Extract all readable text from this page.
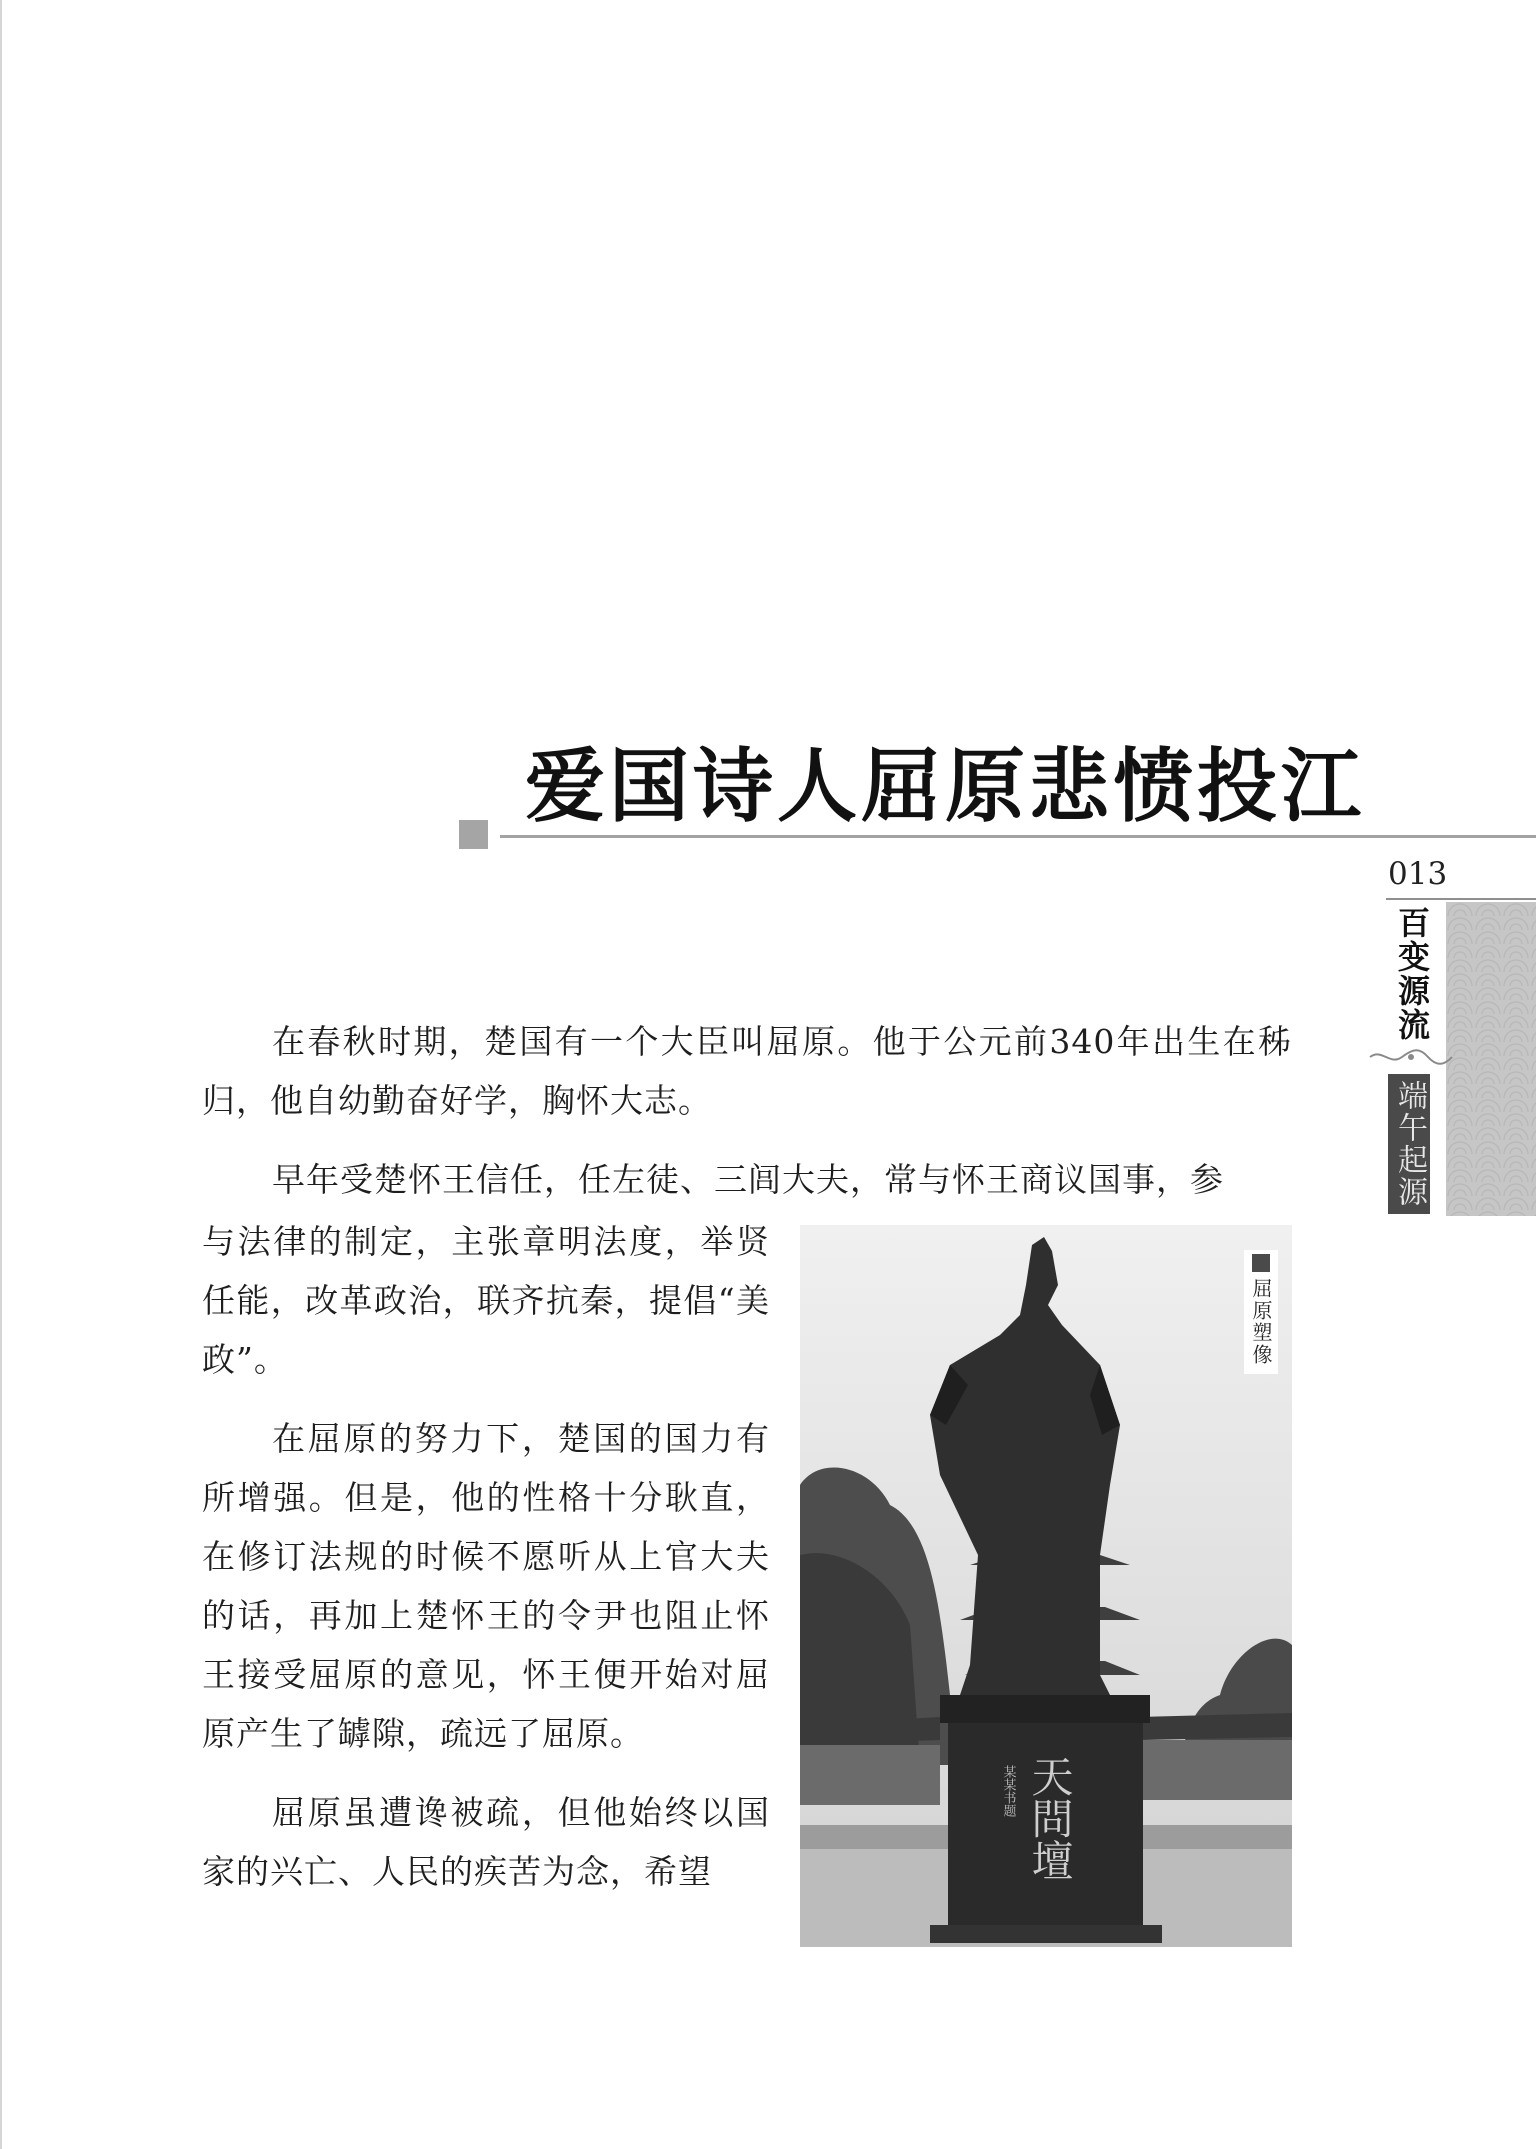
爱国诗人屈原悲愤投江
013
百变源流
端午起源

在春秋时期，楚国有一个大臣叫屈原。他于公元前340年出生在秭归，他自幼勤奋好学，胸怀大志。

早年受楚怀王信任，任左徒、三闾大夫，常与怀王商议国事，参

与法律的制定，主张章明法度，举贤任能，改革政治，联齐抗秦，提倡“美政”。

在屈原的努力下，楚国的国力有所增强。但是，他的性格十分耿直，在修订法规的时候不愿听从上官大夫的话，再加上楚怀王的令尹也阻止怀王接受屈原的意见，怀王便开始对屈原产生了罅隙，疏远了屈原。

屈原虽遭谗被疏，但他始终以国家的兴亡、人民的疾苦为念，希望	天問壇
某某书题
屈原塑像
